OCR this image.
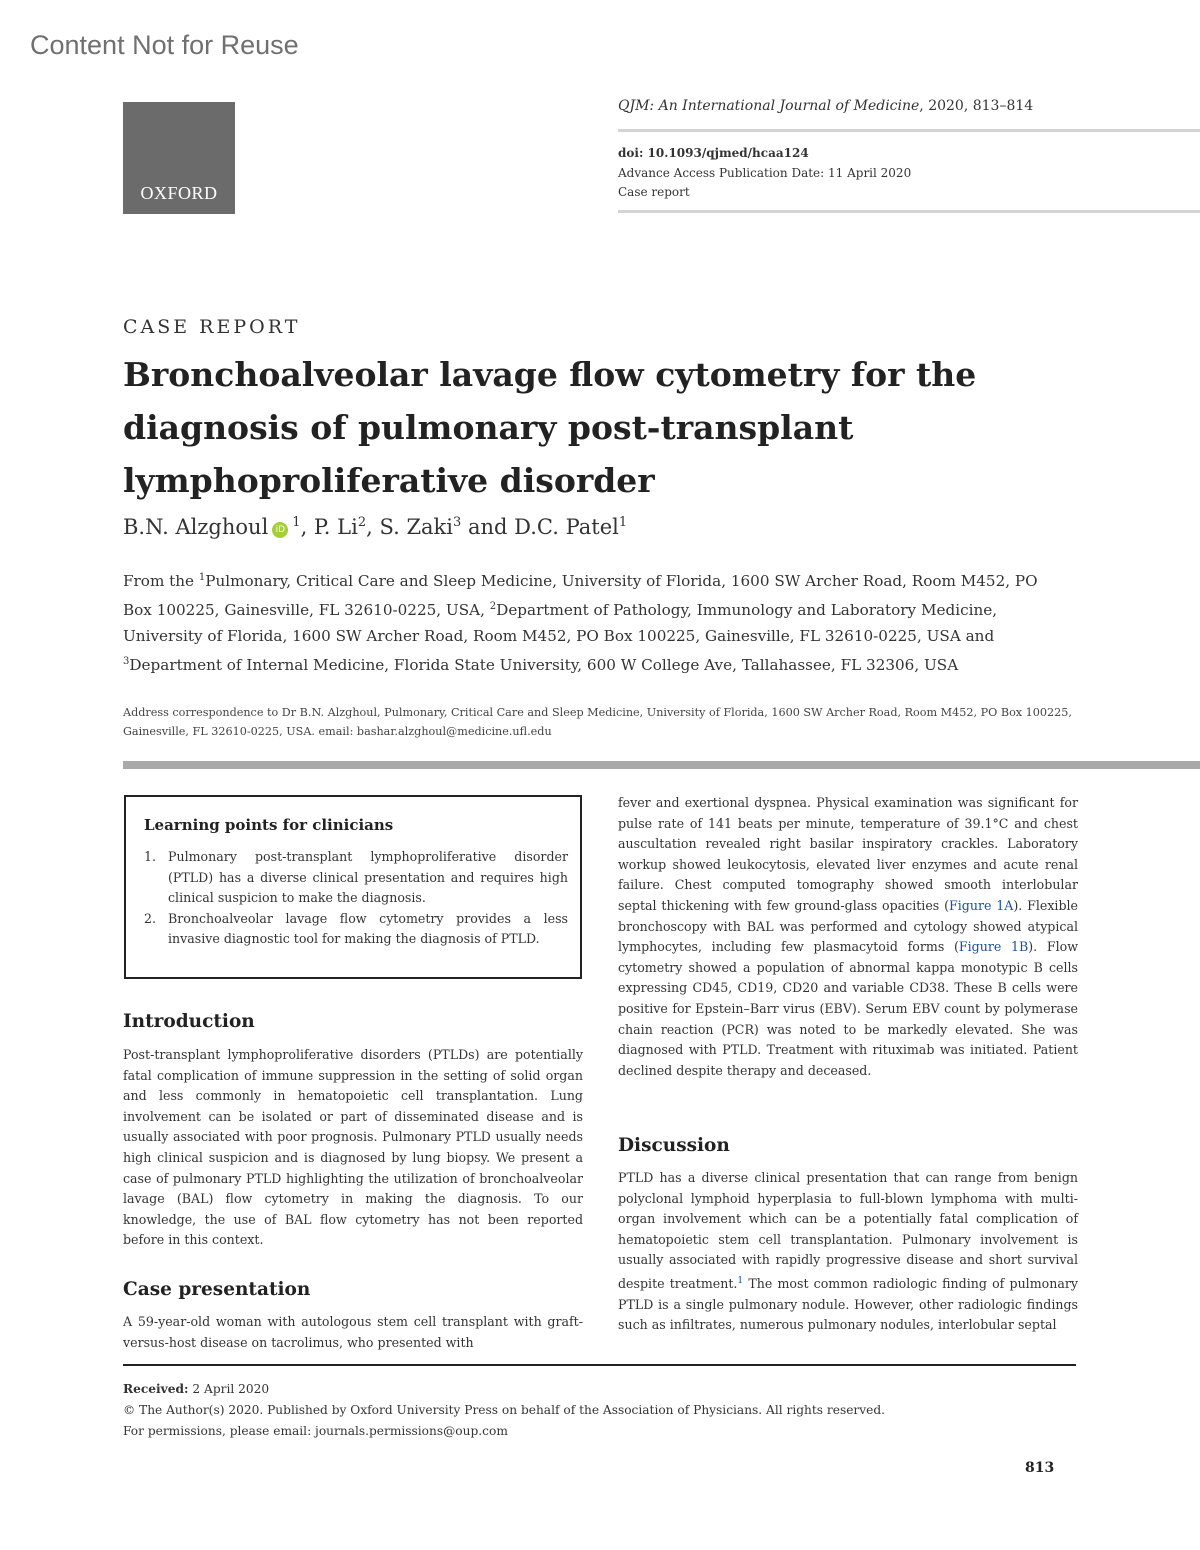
Content Not for Reuse
OXFORD
QJM: An International Journal of Medicine, 2020, 813–814
doi: 10.1093/qjmed/hcaa124
Advance Access Publication Date: 11 April 2020
Case report
CASE REPORT
Bronchoalveolar lavage flow cytometry for the
diagnosis of pulmonary post-transplant
lymphoproliferative disorder
B.N. Alzghoul iD $^1$, P. Li$^2$, S. Zaki$^3$ and D.C. Patel$^1$
From the $^1$Pulmonary, Critical Care and Sleep Medicine, University of Florida, 1600 SW Archer Road, Room M452, PO Box 100225, Gainesville, FL 32610-0225, USA, $^2$Department of Pathology, Immunology and Laboratory Medicine, University of Florida, 1600 SW Archer Road, Room M452, PO Box 100225, Gainesville, FL 32610-0225, USA and $^3$Department of Internal Medicine, Florida State University, 600 W College Ave, Tallahassee, FL 32306, USA
Address correspondence to Dr B.N. Alzghoul, Pulmonary, Critical Care and Sleep Medicine, University of Florida, 1600 SW Archer Road, Room M452, PO Box 100225, Gainesville, FL 32610-0225, USA. email: bashar.alzghoul@medicine.ufl.edu
Learning points for clinicians
1. Pulmonary post-transplant lymphoproliferative disorder (PTLD) has a diverse clinical presentation and requires high clinical suspicion to make the diagnosis.
2. Bronchoalveolar lavage flow cytometry provides a less invasive diagnostic tool for making the diagnosis of PTLD.
Introduction

Post-transplant lymphoproliferative disorders (PTLDs) are potentially fatal complication of immune suppression in the setting of solid organ and less commonly in hematopoietic cell transplantation. Lung involvement can be isolated or part of disseminated disease and is usually associated with poor prognosis. Pulmonary PTLD usually needs high clinical suspicion and is diagnosed by lung biopsy. We present a case of pulmonary PTLD highlighting the utilization of bronchoalveolar lavage (BAL) flow cytometry in making the diagnosis. To our knowledge, the use of BAL flow cytometry has not been reported before in this context.

Case presentation

A 59-year-old woman with autologous stem cell transplant with graft-versus-host disease on tacrolimus, who presented with

fever and exertional dyspnea. Physical examination was significant for pulse rate of 141 beats per minute, temperature of 39.1°C and chest auscultation revealed right basilar inspiratory crackles. Laboratory workup showed leukocytosis, elevated liver enzymes and acute renal failure. Chest computed tomography showed smooth interlobular septal thickening with few ground-glass opacities (Figure 1A). Flexible bronchoscopy with BAL was performed and cytology showed atypical lymphocytes, including few plasmacytoid forms (Figure 1B). Flow cytometry showed a population of abnormal kappa monotypic B cells expressing CD45, CD19, CD20 and variable CD38. These B cells were positive for Epstein–Barr virus (EBV). Serum EBV count by polymerase chain reaction (PCR) was noted to be markedly elevated. She was diagnosed with PTLD. Treatment with rituximab was initiated. Patient declined despite therapy and deceased.

Discussion

PTLD has a diverse clinical presentation that can range from benign polyclonal lymphoid hyperplasia to full-blown lymphoma with multi-organ involvement which can be a potentially fatal complication of hematopoietic stem cell transplantation. Pulmonary involvement is usually associated with rapidly progressive disease and short survival despite treatment.$^1$ The most common radiologic finding of pulmonary PTLD is a single pulmonary nodule. However, other radiologic findings such as infiltrates, numerous pulmonary nodules, interlobular septal

Received: 2 April 2020
© The Author(s) 2020. Published by Oxford University Press on behalf of the Association of Physicians. All rights reserved.
For permissions, please email: journals.permissions@oup.com
813
